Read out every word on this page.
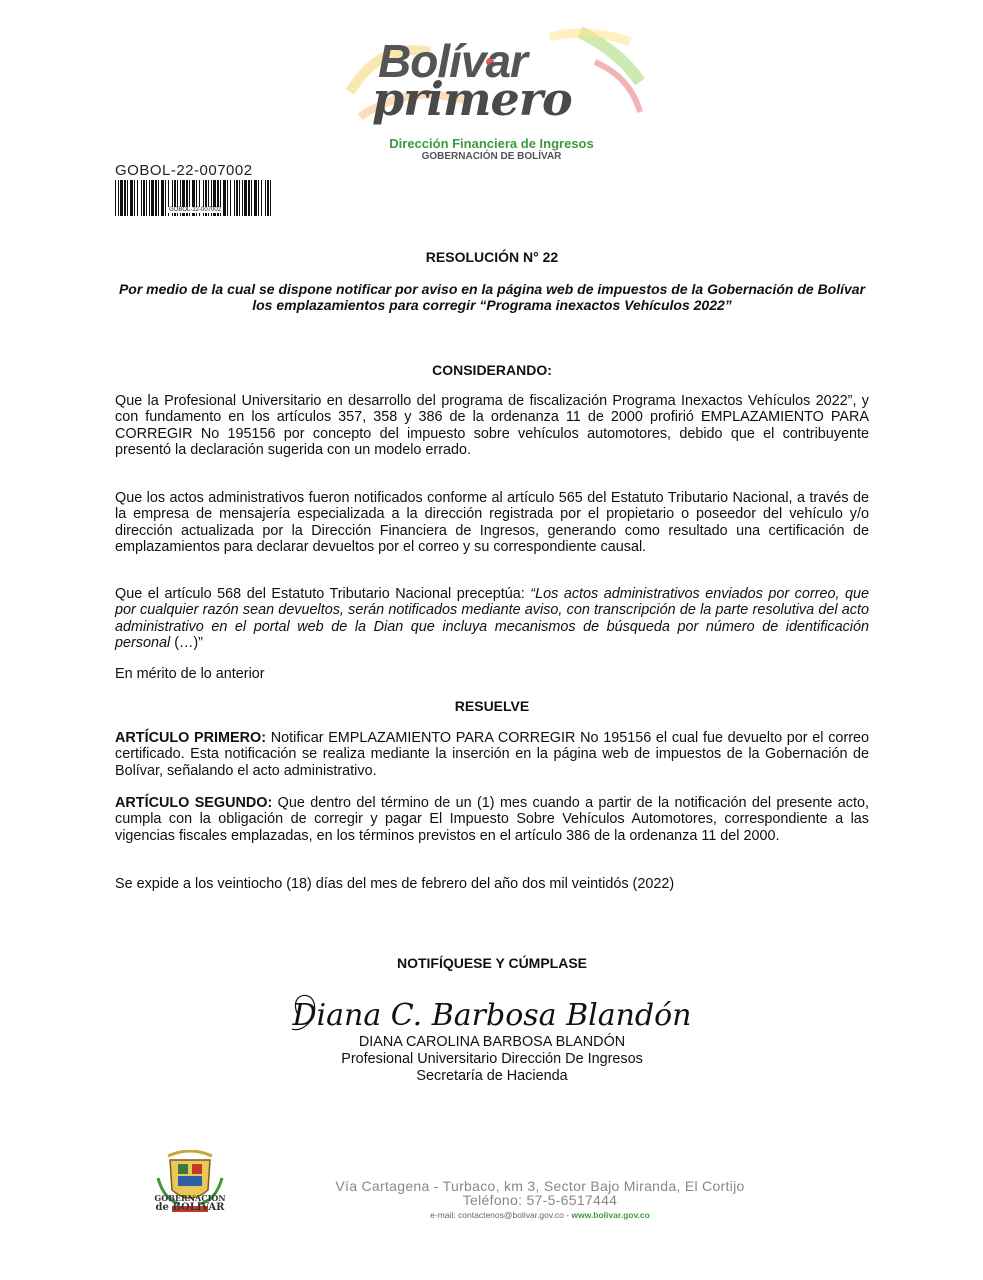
Bolívar
primero
Dirección Financiera de Ingresos
GOBERNACIÓN DE BOLÍVAR
GOBOL-22-007002
GOBOL-22-007002
RESOLUCIÓN N° 22
Por medio de la cual se dispone notificar por aviso en la página web de impuestos de la Gobernación de Bolívar los emplazamientos para corregir “Programa inexactos Vehículos 2022”
CONSIDERANDO:
Que la Profesional Universitario en desarrollo del programa de fiscalización Programa Inexactos Vehículos 2022”, y con fundamento en los artículos 357, 358 y 386 de la ordenanza 11 de 2000 profirió EMPLAZAMIENTO PARA CORREGIR No 195156 por concepto del impuesto sobre vehículos automotores, debido que el contribuyente presentó la declaración sugerida con un modelo errado.
Que los actos administrativos fueron notificados conforme al artículo 565 del Estatuto Tributario Nacional, a través de la empresa de mensajería especializada a la dirección registrada por el propietario o poseedor del vehículo y/o dirección actualizada por la Dirección Financiera de Ingresos, generando como resultado una certificación de emplazamientos para declarar devueltos por el correo y su correspondiente causal.
Que el artículo 568 del Estatuto Tributario Nacional preceptúa: “Los actos administrativos enviados por correo, que por cualquier razón sean devueltos, serán notificados mediante aviso, con transcripción de la parte resolutiva del acto administrativo en el portal web de la Dian que incluya mecanismos de búsqueda por número de identificación personal (…)”
En mérito de lo anterior
RESUELVE
ARTÍCULO PRIMERO: Notificar EMPLAZAMIENTO PARA CORREGIR No 195156 el cual fue devuelto por el correo certificado. Esta notificación se realiza mediante la inserción en la página web de impuestos de la Gobernación de Bolívar, señalando el acto administrativo.
ARTÍCULO SEGUNDO: Que dentro del término de un (1) mes cuando a partir de la notificación del presente acto, cumpla con la obligación de corregir y pagar El Impuesto Sobre Vehículos Automotores, correspondiente a las vigencias fiscales emplazadas, en los términos previstos en el artículo 386 de la ordenanza 11 del 2000.
Se expide a los veintiocho (18) días del mes de febrero del año dos mil veintidós (2022)
NOTIFÍQUESE Y CÚMPLASE
Diana C. Barbosa Blandón
DIANA CAROLINA BARBOSA BLANDÓN
Profesional Universitario Dirección De Ingresos
Secretaría de Hacienda
GOBERNACIÓN
de BOLÍVAR
Vía Cartagena - Turbaco, km 3, Sector Bajo Miranda, El Cortijo
Teléfono: 57-5-6517444
e-mail: contactenos@bolivar.gov.co - www.bolivar.gov.co
